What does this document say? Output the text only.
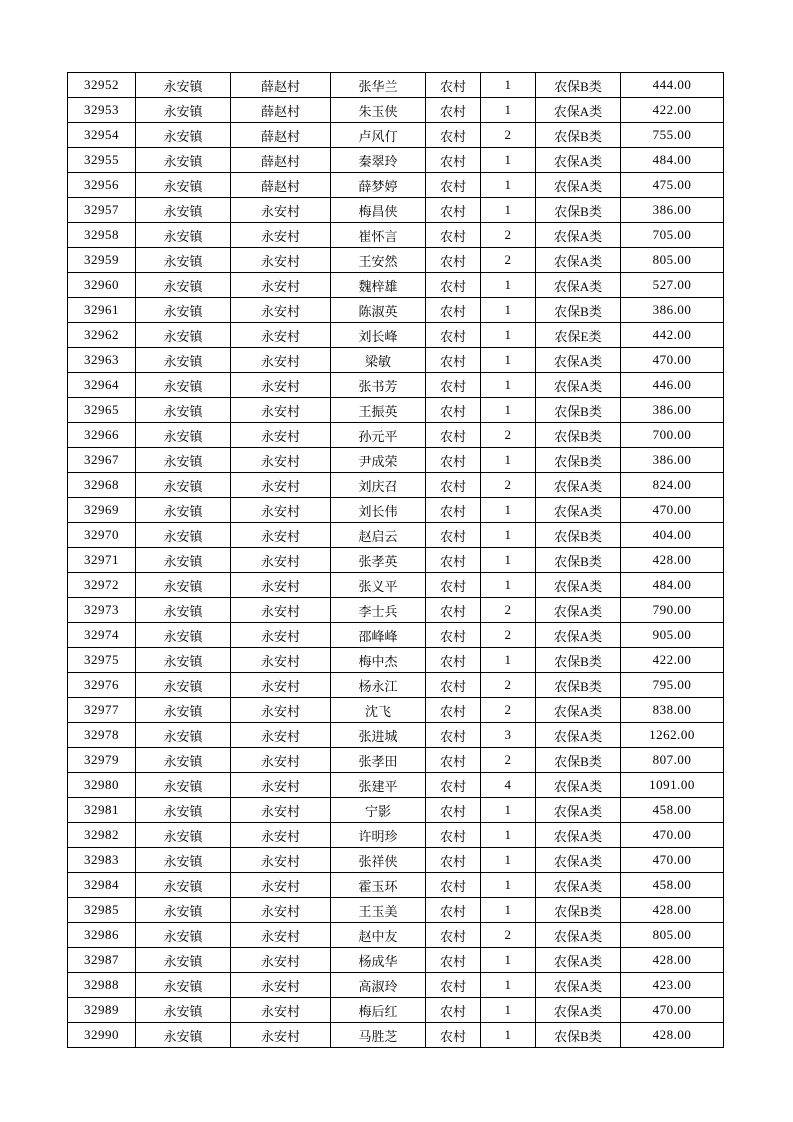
32952	永安镇	薛赵村	张华兰	农村	1	农保B类	444.00
32953	永安镇	薛赵村	朱玉侠	农村	1	农保A类	422.00
32954	永安镇	薛赵村	卢风仃	农村	2	农保B类	755.00
32955	永安镇	薛赵村	秦翠玲	农村	1	农保A类	484.00
32956	永安镇	薛赵村	薛梦婷	农村	1	农保A类	475.00
32957	永安镇	永安村	梅昌侠	农村	1	农保B类	386.00
32958	永安镇	永安村	崔怀言	农村	2	农保A类	705.00
32959	永安镇	永安村	王安然	农村	2	农保A类	805.00
32960	永安镇	永安村	魏梓雄	农村	1	农保A类	527.00
32961	永安镇	永安村	陈淑英	农村	1	农保B类	386.00
32962	永安镇	永安村	刘长峰	农村	1	农保E类	442.00
32963	永安镇	永安村	梁敏	农村	1	农保A类	470.00
32964	永安镇	永安村	张书芳	农村	1	农保A类	446.00
32965	永安镇	永安村	王振英	农村	1	农保B类	386.00
32966	永安镇	永安村	孙元平	农村	2	农保B类	700.00
32967	永安镇	永安村	尹成荣	农村	1	农保B类	386.00
32968	永安镇	永安村	刘庆召	农村	2	农保A类	824.00
32969	永安镇	永安村	刘长伟	农村	1	农保A类	470.00
32970	永安镇	永安村	赵启云	农村	1	农保B类	404.00
32971	永安镇	永安村	张孝英	农村	1	农保B类	428.00
32972	永安镇	永安村	张义平	农村	1	农保A类	484.00
32973	永安镇	永安村	李士兵	农村	2	农保A类	790.00
32974	永安镇	永安村	邵峰峰	农村	2	农保A类	905.00
32975	永安镇	永安村	梅中杰	农村	1	农保B类	422.00
32976	永安镇	永安村	杨永江	农村	2	农保B类	795.00
32977	永安镇	永安村	沈飞	农村	2	农保A类	838.00
32978	永安镇	永安村	张进城	农村	3	农保A类	1262.00
32979	永安镇	永安村	张孝田	农村	2	农保B类	807.00
32980	永安镇	永安村	张建平	农村	4	农保A类	1091.00
32981	永安镇	永安村	宁影	农村	1	农保A类	458.00
32982	永安镇	永安村	许明珍	农村	1	农保A类	470.00
32983	永安镇	永安村	张祥侠	农村	1	农保A类	470.00
32984	永安镇	永安村	霍玉环	农村	1	农保A类	458.00
32985	永安镇	永安村	王玉美	农村	1	农保B类	428.00
32986	永安镇	永安村	赵中友	农村	2	农保A类	805.00
32987	永安镇	永安村	杨成华	农村	1	农保A类	428.00
32988	永安镇	永安村	高淑玲	农村	1	农保A类	423.00
32989	永安镇	永安村	梅后红	农村	1	农保A类	470.00
32990	永安镇	永安村	马胜芝	农村	1	农保B类	428.00
